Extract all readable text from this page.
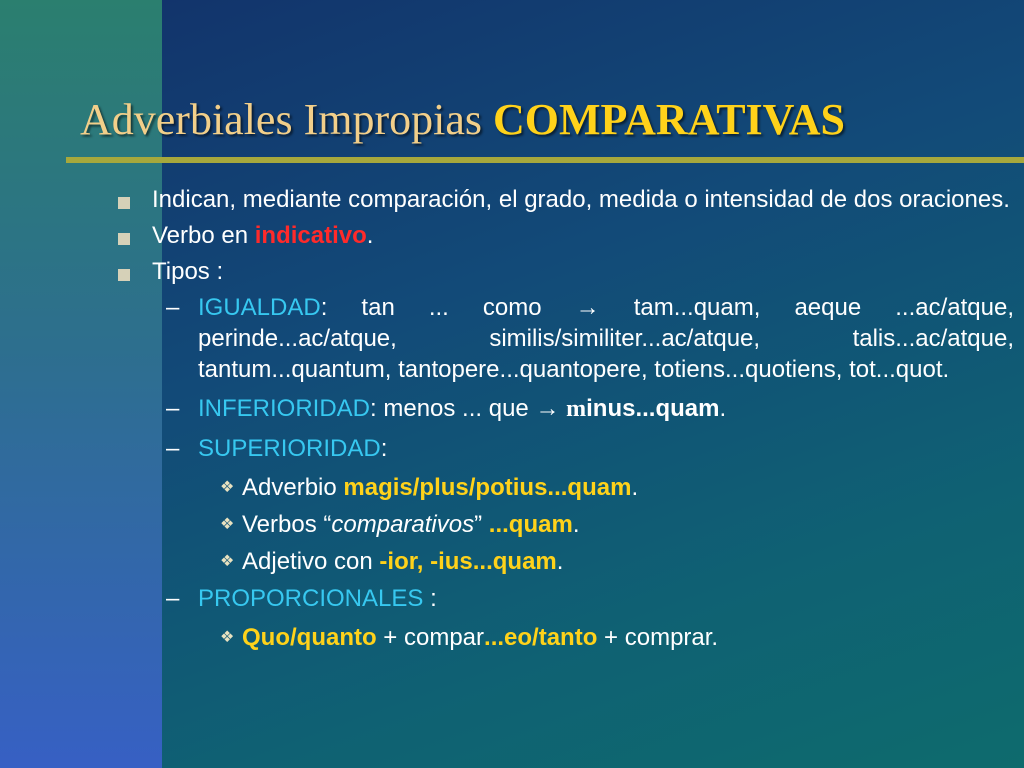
Adverbiales Impropias COMPARATIVAS
Indican, mediante comparación, el grado, medida o intensidad de dos oraciones.
Verbo en indicativo.
Tipos :
– IGUALDAD: tan ... como → tam...quam, aeque ...ac/atque, perinde...ac/atque, similis/similiter...ac/atque, talis...ac/atque, tantum...quantum, tantopere...quantopere, totiens...quotiens, tot...quot.
– INFERIORIDAD: menos ... que → minus...quam.
– SUPERIORIDAD:
❖ Adverbio magis/plus/potius...quam.
❖ Verbos “comparativos” ...quam.
❖ Adjetivo con -ior, -ius...quam.
– PROPORCIONALES :
❖ Quo/quanto + compar...eo/tanto + comprar.
